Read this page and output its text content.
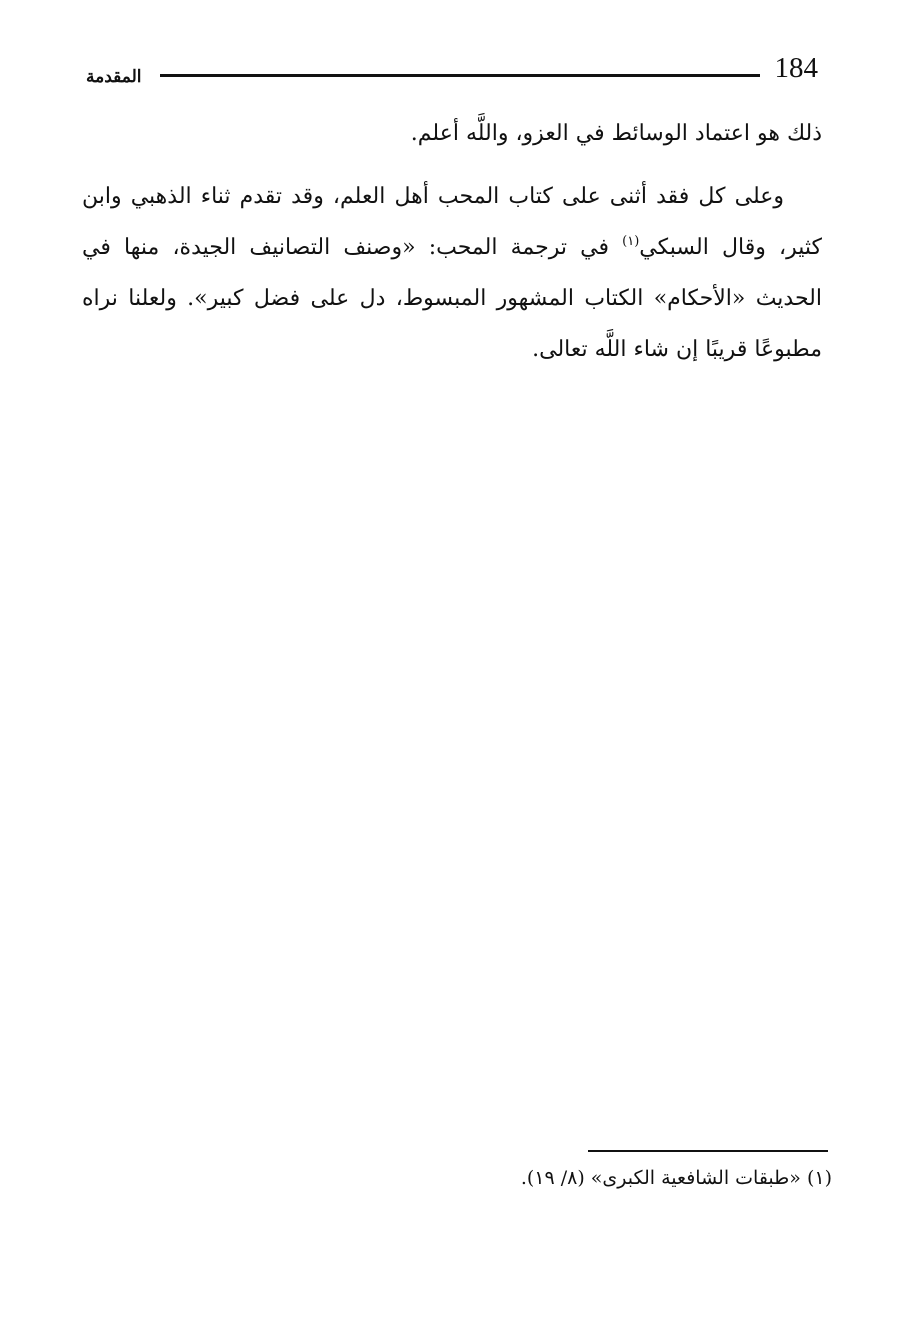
184
المقدمة

ذلك هو اعتماد الوسائط في العزو، واللَّه أعلم.

وعلى كل فقد أثنى على كتاب المحب أهل العلم، وقد تقدم ثناء الذهبي وابن كثير، وقال السبكي$^{(١)}$ في ترجمة المحب: «وصنف التصانيف الجيدة، منها في الحديث «الأحكام» الكتاب المشهور المبسوط، دل على فضل كبير». ولعلنا نراه مطبوعًا قريبًا إن شاء اللَّه تعالى.

(١) «طبقات الشافعية الكبرى» (٨/ ١٩).
